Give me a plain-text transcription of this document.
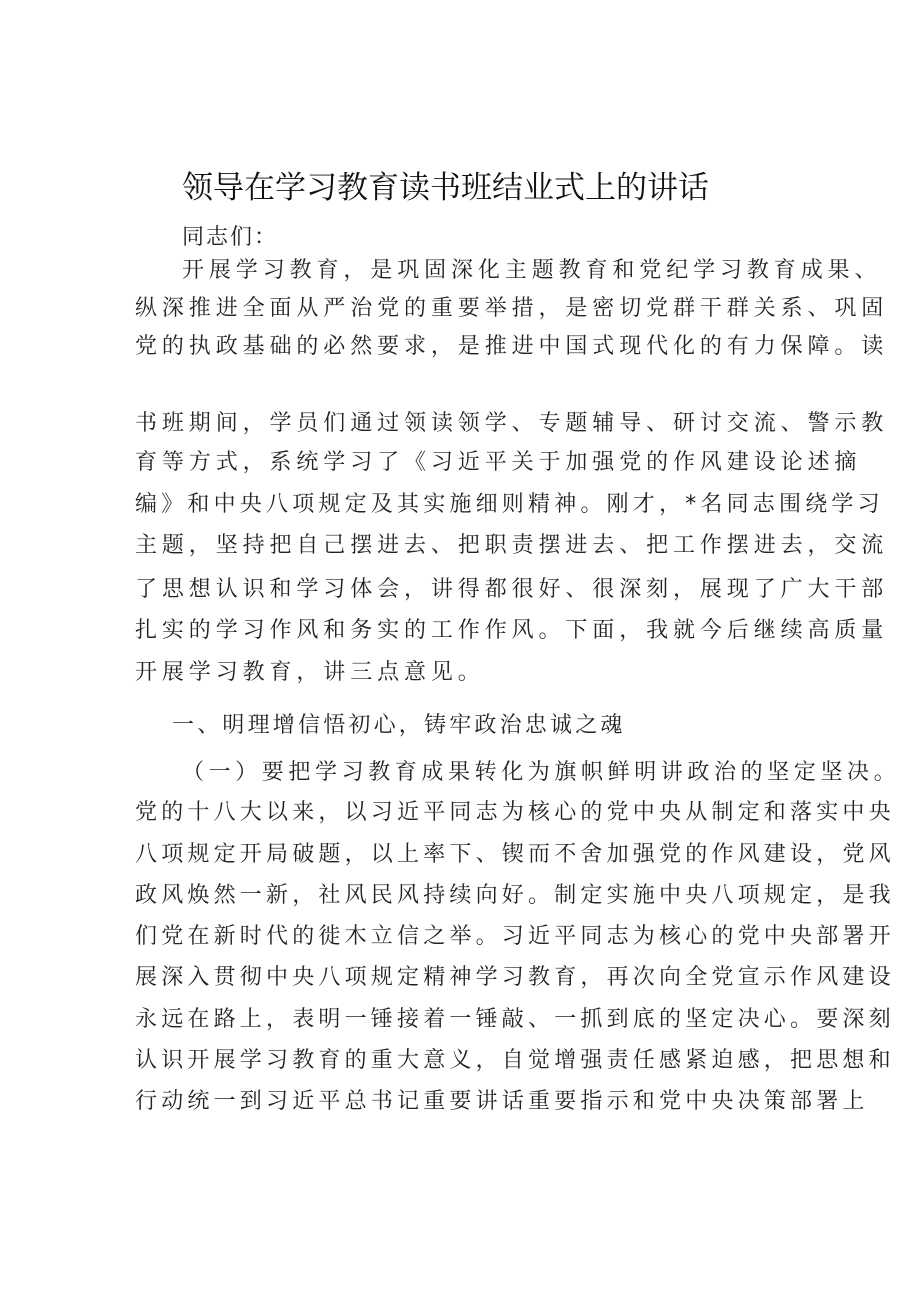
领导在学习教育读书班结业式上的讲话
同志们：
开展学习教育，是巩固深化主题教育和党纪学习教育成果、
纵深推进全面从严治党的重要举措，是密切党群干群关系、巩固
党的执政基础的必然要求，是推进中国式现代化的有力保障。读
书班期间，学员们通过领读领学、专题辅导、研讨交流、警示教
育等方式，系统学习了《习近平关于加强党的作风建设论述摘
编》和中央八项规定及其实施细则精神。刚才，*名同志围绕学习
主题，坚持把自己摆进去、把职责摆进去、把工作摆进去，交流
了思想认识和学习体会，讲得都很好、很深刻，展现了广大干部
扎实的学习作风和务实的工作作风。下面，我就今后继续高质量
开展学习教育，讲三点意见。
一、明理增信悟初心，铸牢政治忠诚之魂
（一）要把学习教育成果转化为旗帜鲜明讲政治的坚定坚决。
党的十八大以来，以习近平同志为核心的党中央从制定和落实中央
八项规定开局破题，以上率下、锲而不舍加强党的作风建设，党风
政风焕然一新，社风民风持续向好。制定实施中央八项规定，是我
们党在新时代的徙木立信之举。习近平同志为核心的党中央部署开
展深入贯彻中央八项规定精神学习教育，再次向全党宣示作风建设
永远在路上，表明一锤接着一锤敲、一抓到底的坚定决心。要深刻
认识开展学习教育的重大意义，自觉增强责任感紧迫感，把思想和
行动统一到习近平总书记重要讲话重要指示和党中央决策部署上
